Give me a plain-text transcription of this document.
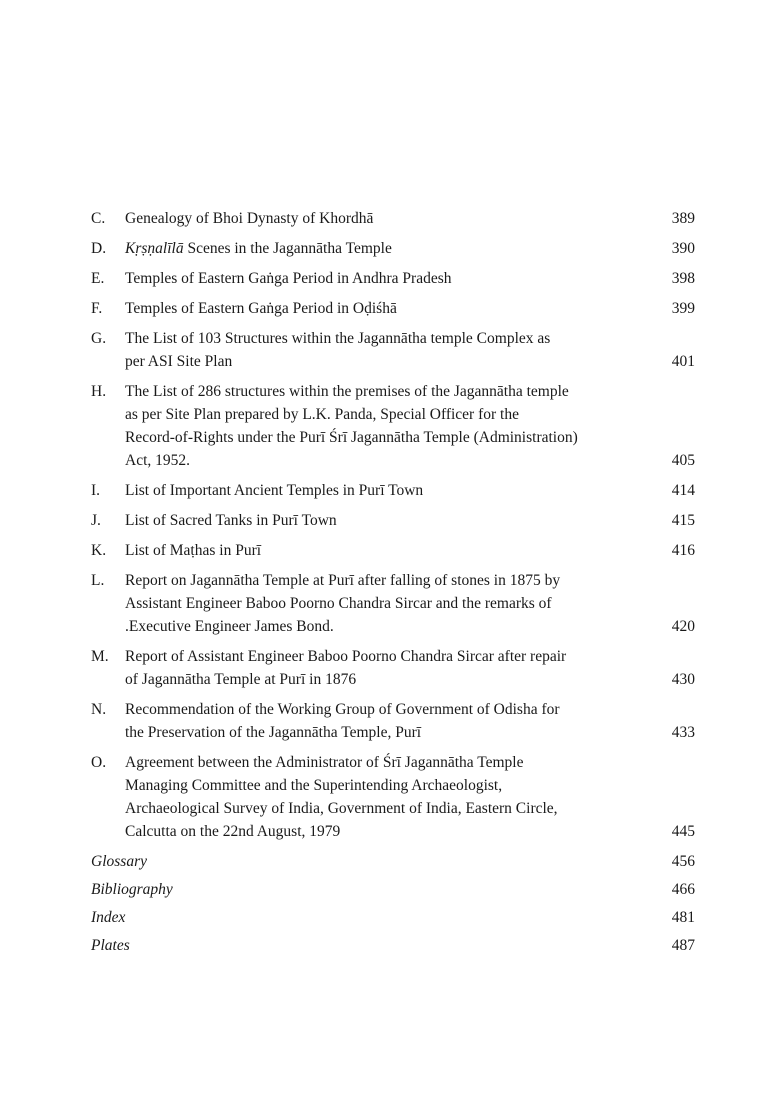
C.	Genealogy of Bhoi Dynasty of Khordhā	389
D.	Kṛṣṇalīlā Scenes in the Jagannātha Temple	390
E.	Temples of Eastern Gaṅga Period in Andhra Pradesh	398
F.	Temples of Eastern Gaṅga Period in Oḍiśhā	399
G.	The List of 103 Structures within the Jagannātha temple Complex as
per ASI Site Plan	401
H.	The List of 286 structures within the premises of the Jagannātha temple
as per Site Plan prepared by L.K. Panda, Special Officer for the
Record-of-Rights under the Purī Śrī Jagannātha Temple (Administration)
Act, 1952.	405
I.	List of Important Ancient Temples in Purī Town	414
J.	List of Sacred Tanks in Purī Town	415
K.	List of Maṭhas in Purī	416
L.	Report on Jagannātha Temple at Purī after falling of stones in 1875 by
Assistant Engineer Baboo Poorno Chandra Sircar and the remarks of
.Executive Engineer James Bond.	420
M.	Report of Assistant Engineer Baboo Poorno Chandra Sircar after repair
of Jagannātha Temple at Purī in 1876	430
N.	Recommendation of the Working Group of Government of Odisha for
the Preservation of the Jagannātha Temple, Purī	433
O.	Agreement between the Administrator of Śrī Jagannātha Temple
Managing Committee and the Superintending Archaeologist,
Archaeological Survey of India, Government of India, Eastern Circle,
Calcutta on the 22nd August, 1979	445
Glossary	456
Bibliography	466
Index	481
Plates	487
